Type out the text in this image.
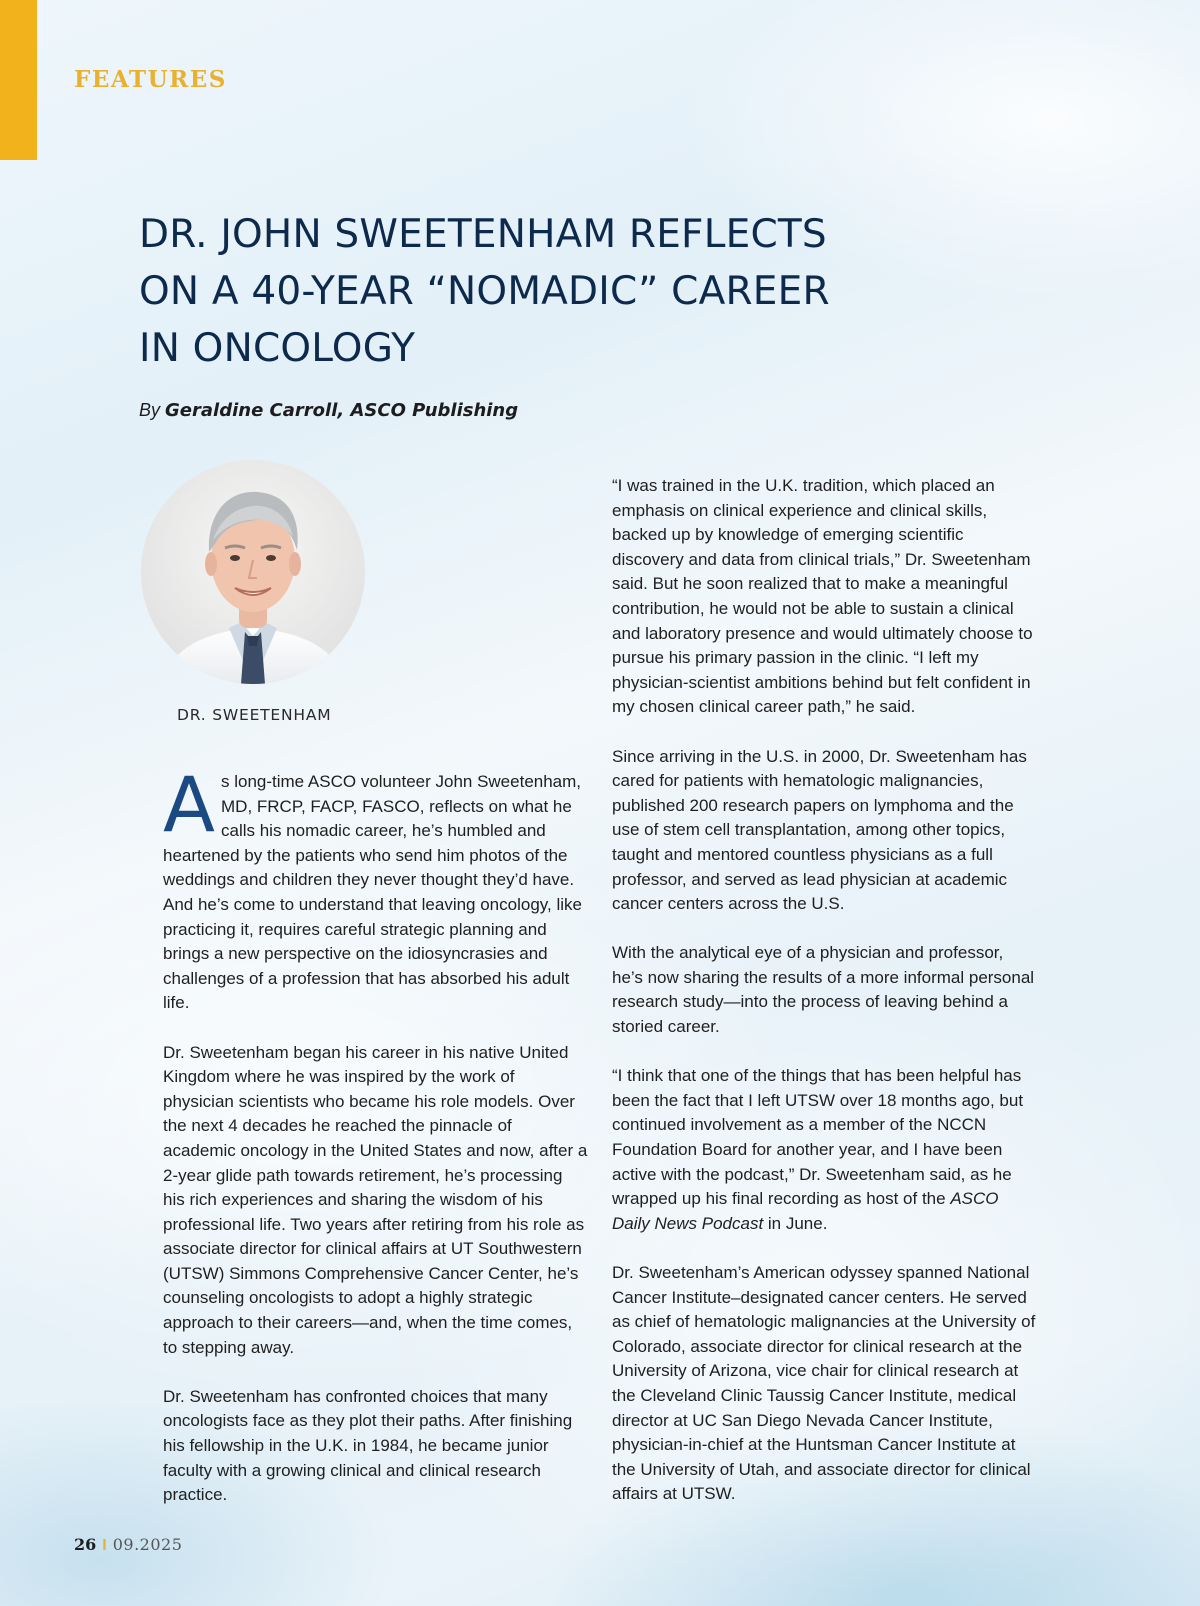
FEATURES
DR. JOHN SWEETENHAM REFLECTS
ON A 40-YEAR “NOMADIC” CAREER
IN ONCOLOGY
By Geraldine Carroll, ASCO Publishing
DR. SWEETENHAM

As long-time ASCO volunteer John Sweetenham, MD, FRCP, FACP, FASCO, reflects on what he calls his nomadic career, he’s humbled and heartened by the patients who send him photos of the weddings and children they never thought they’d have. And he’s come to understand that leaving oncology, like practicing it, requires careful strategic planning and brings a new perspective on the idiosyncrasies and challenges of a profession that has absorbed his adult life.

Dr. Sweetenham began his career in his native United Kingdom where he was inspired by the work of physician scientists who became his role models. Over the next 4 decades he reached the pinnacle of academic oncology in the United States and now, after a 2-year glide path towards retirement, he’s processing his rich experiences and sharing the wisdom of his professional life. Two years after retiring from his role as associate director for clinical affairs at UT Southwestern (UTSW) Simmons Comprehensive Cancer Center, he’s counseling oncologists to adopt a highly strategic approach to their careers—and, when the time comes, to stepping away.

Dr. Sweetenham has confronted choices that many oncologists face as they plot their paths. After finishing his fellowship in the U.K. in 1984, he became junior faculty with a growing clinical and clinical research practice.

“I was trained in the U.K. tradition, which placed an emphasis on clinical experience and clinical skills, backed up by knowledge of emerging scientific discovery and data from clinical trials,” Dr. Sweetenham said. But he soon realized that to make a meaningful contribution, he would not be able to sustain a clinical and laboratory presence and would ultimately choose to pursue his primary passion in the clinic. “I left my physician-scientist ambitions behind but felt confident in my chosen clinical career path,” he said.

Since arriving in the U.S. in 2000, Dr. Sweetenham has cared for patients with hematologic malignancies, published 200 research papers on lymphoma and the use of stem cell transplantation, among other topics, taught and mentored countless physicians as a full professor, and served as lead physician at academic cancer centers across the U.S.

With the analytical eye of a physician and professor, he’s now sharing the results of a more informal personal research study—into the process of leaving behind a storied career.

“I think that one of the things that has been helpful has been the fact that I left UTSW over 18 months ago, but continued involvement as a member of the NCCN Foundation Board for another year, and I have been active with the podcast,” Dr. Sweetenham said, as he wrapped up his final recording as host of the ASCO Daily News Podcast in June.

Dr. Sweetenham’s American odyssey spanned National Cancer Institute–designated cancer centers. He served as chief of hematologic malignancies at the University of Colorado, associate director for clinical research at the University of Arizona, vice chair for clinical research at the Cleveland Clinic Taussig Cancer Institute, medical director at UC San Diego Nevada Cancer Institute, physician-in-chief at the Huntsman Cancer Institute at the University of Utah, and associate director for clinical affairs at UTSW.

26 I 09.2025
